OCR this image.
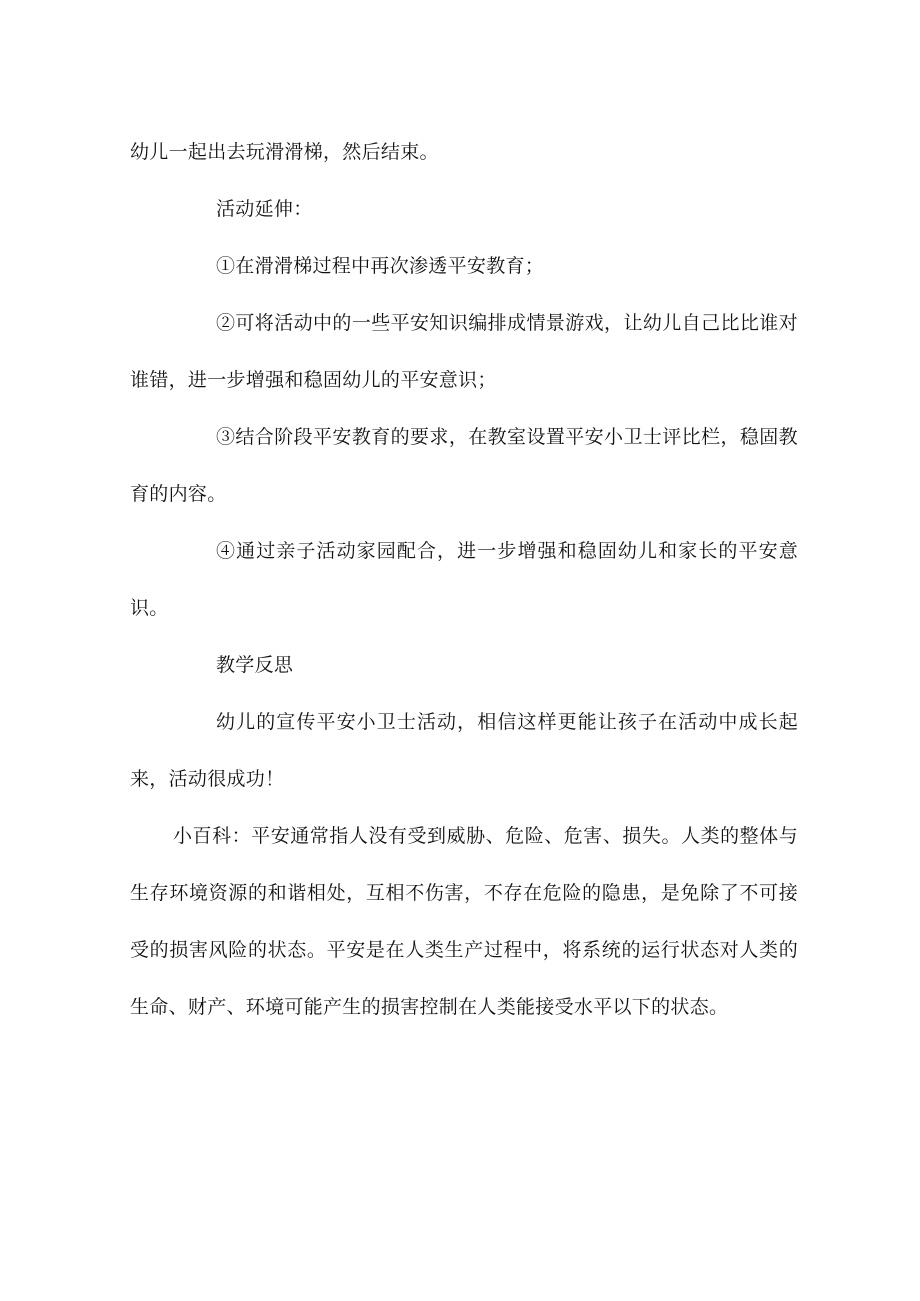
幼儿一起出去玩滑滑梯，然后结束。

活动延伸：

①在滑滑梯过程中再次渗透平安教育；

②可将活动中的一些平安知识编排成情景游戏，让幼儿自己比比谁对谁错，进一步增强和稳固幼儿的平安意识；

③结合阶段平安教育的要求，在教室设置平安小卫士评比栏，稳固教育的内容。

④通过亲子活动家园配合，进一步增强和稳固幼儿和家长的平安意识。

教学反思

幼儿的宣传平安小卫士活动，相信这样更能让孩子在活动中成长起来，活动很成功！

小百科：平安通常指人没有受到威胁、危险、危害、损失。人类的整体与生存环境资源的和谐相处，互相不伤害，不存在危险的隐患，是免除了不可接受的损害风险的状态。平安是在人类生产过程中，将系统的运行状态对人类的生命、财产、环境可能产生的损害控制在人类能接受水平以下的状态。
